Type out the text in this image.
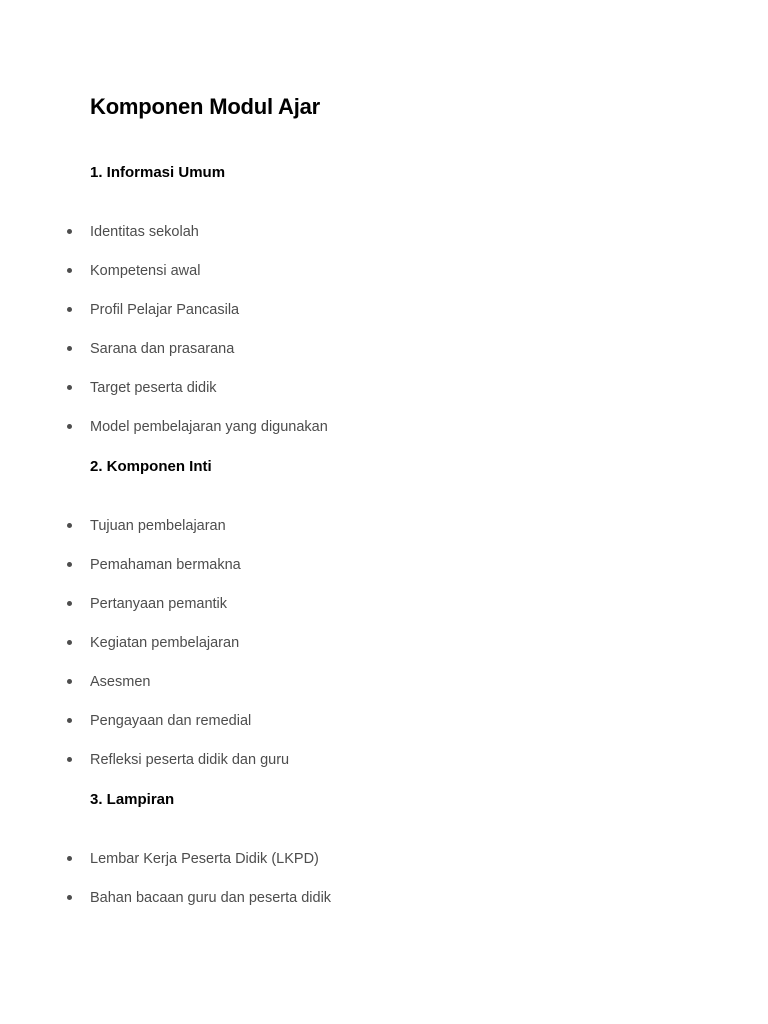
Komponen Modul Ajar
1. Informasi Umum
Identitas sekolah
Kompetensi awal
Profil Pelajar Pancasila
Sarana dan prasarana
Target peserta didik
Model pembelajaran yang digunakan
2. Komponen Inti
Tujuan pembelajaran
Pemahaman bermakna
Pertanyaan pemantik
Kegiatan pembelajaran
Asesmen
Pengayaan dan remedial
Refleksi peserta didik dan guru
3. Lampiran
Lembar Kerja Peserta Didik (LKPD)
Bahan bacaan guru dan peserta didik
